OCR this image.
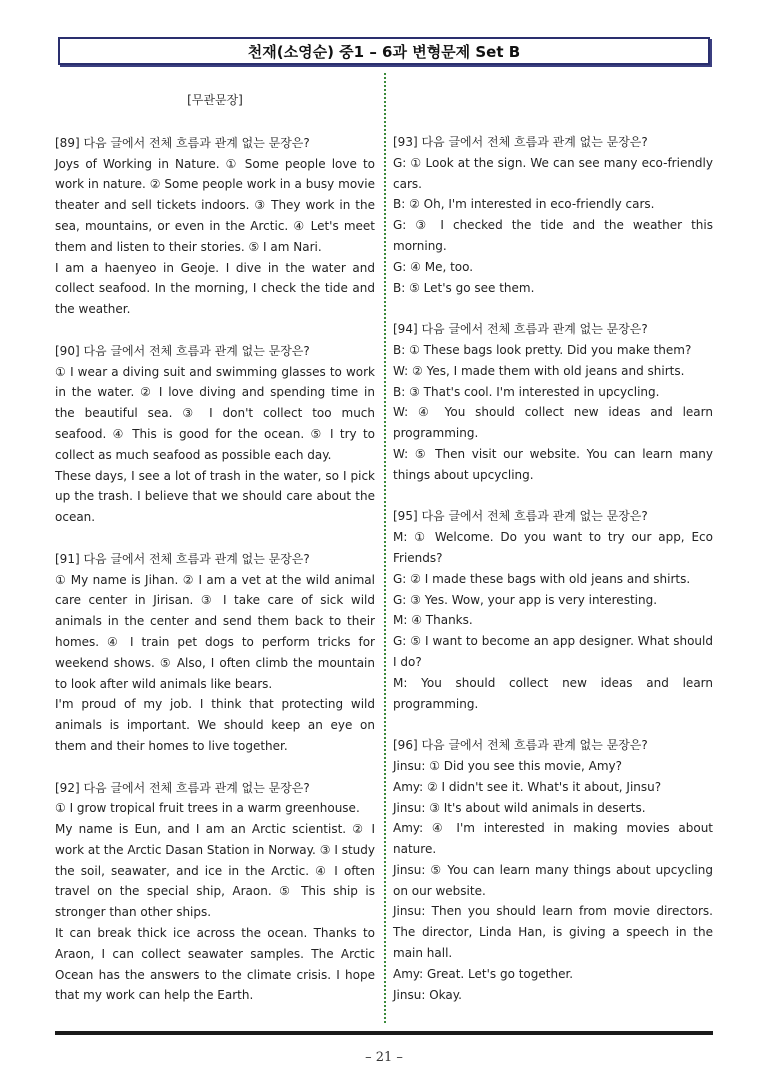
천재(소영순) 중1 – 6과 변형문제 Set B

[무관문장]

[89] 다음 글에서 전체 흐름과 관계 없는 문장은?

Joys of Working in Nature. ① Some people love to work in nature. ② Some people work in a busy movie theater and sell tickets indoors. ③ They work in the sea, mountains, or even in the Arctic. ④ Let's meet them and listen to their stories. ⑤ I am Nari.

I am a haenyeo in Geoje. I dive in the water and collect seafood. In the morning, I check the tide and the weather.

[90] 다음 글에서 전체 흐름과 관계 없는 문장은?

① I wear a diving suit and swimming glasses to work in the water. ② I love diving and spending time in the beautiful sea. ③ I don't collect too much seafood. ④ This is good for the ocean. ⑤ I try to collect as much seafood as possible each day.

These days, I see a lot of trash in the water, so I pick up the trash. I believe that we should care about the ocean.

[91] 다음 글에서 전체 흐름과 관계 없는 문장은?

① My name is Jihan. ② I am a vet at the wild animal care center in Jirisan. ③ I take care of sick wild animals in the center and send them back to their homes. ④ I train pet dogs to perform tricks for weekend shows. ⑤ Also, I often climb the mountain to look after wild animals like bears.

I'm proud of my job. I think that protecting wild animals is important. We should keep an eye on them and their homes to live together.

[92] 다음 글에서 전체 흐름과 관계 없는 문장은?

① I grow tropical fruit trees in a warm greenhouse.

My name is Eun, and I am an Arctic scientist. ② I work at the Arctic Dasan Station in Norway. ③ I study the soil, seawater, and ice in the Arctic. ④ I often travel on the special ship, Araon. ⑤ This ship is stronger than other ships.

It can break thick ice across the ocean. Thanks to Araon, I can collect seawater samples. The Arctic Ocean has the answers to the climate crisis. I hope that my work can help the Earth.

[93] 다음 글에서 전체 흐름과 관계 없는 문장은?

G: ① Look at the sign. We can see many eco-friendly cars.

B: ② Oh, I'm interested in eco-friendly cars.

G: ③ I checked the tide and the weather this morning.

G: ④ Me, too.

B: ⑤ Let's go see them.

[94] 다음 글에서 전체 흐름과 관계 없는 문장은?

B: ① These bags look pretty. Did you make them?

W: ② Yes, I made them with old jeans and shirts.

B: ③ That's cool. I'm interested in upcycling.

W: ④ You should collect new ideas and learn programming.

W: ⑤ Then visit our website. You can learn many things about upcycling.

[95] 다음 글에서 전체 흐름과 관계 없는 문장은?

M: ① Welcome. Do you want to try our app, Eco Friends?

G: ② I made these bags with old jeans and shirts.

G: ③ Yes. Wow, your app is very interesting.

M: ④ Thanks.

G: ⑤ I want to become an app designer. What should I do?

M: You should collect new ideas and learn programming.

[96] 다음 글에서 전체 흐름과 관계 없는 문장은?

Jinsu: ① Did you see this movie, Amy?

Amy: ② I didn't see it. What's it about, Jinsu?

Jinsu: ③ It's about wild animals in deserts.

Amy: ④ I'm interested in making movies about nature.

Jinsu: ⑤ You can learn many things about upcycling on our website.

Jinsu: Then you should learn from movie directors. The director, Linda Han, is giving a speech in the main hall.

Amy: Great. Let's go together.

Jinsu: Okay.

– 21 –
